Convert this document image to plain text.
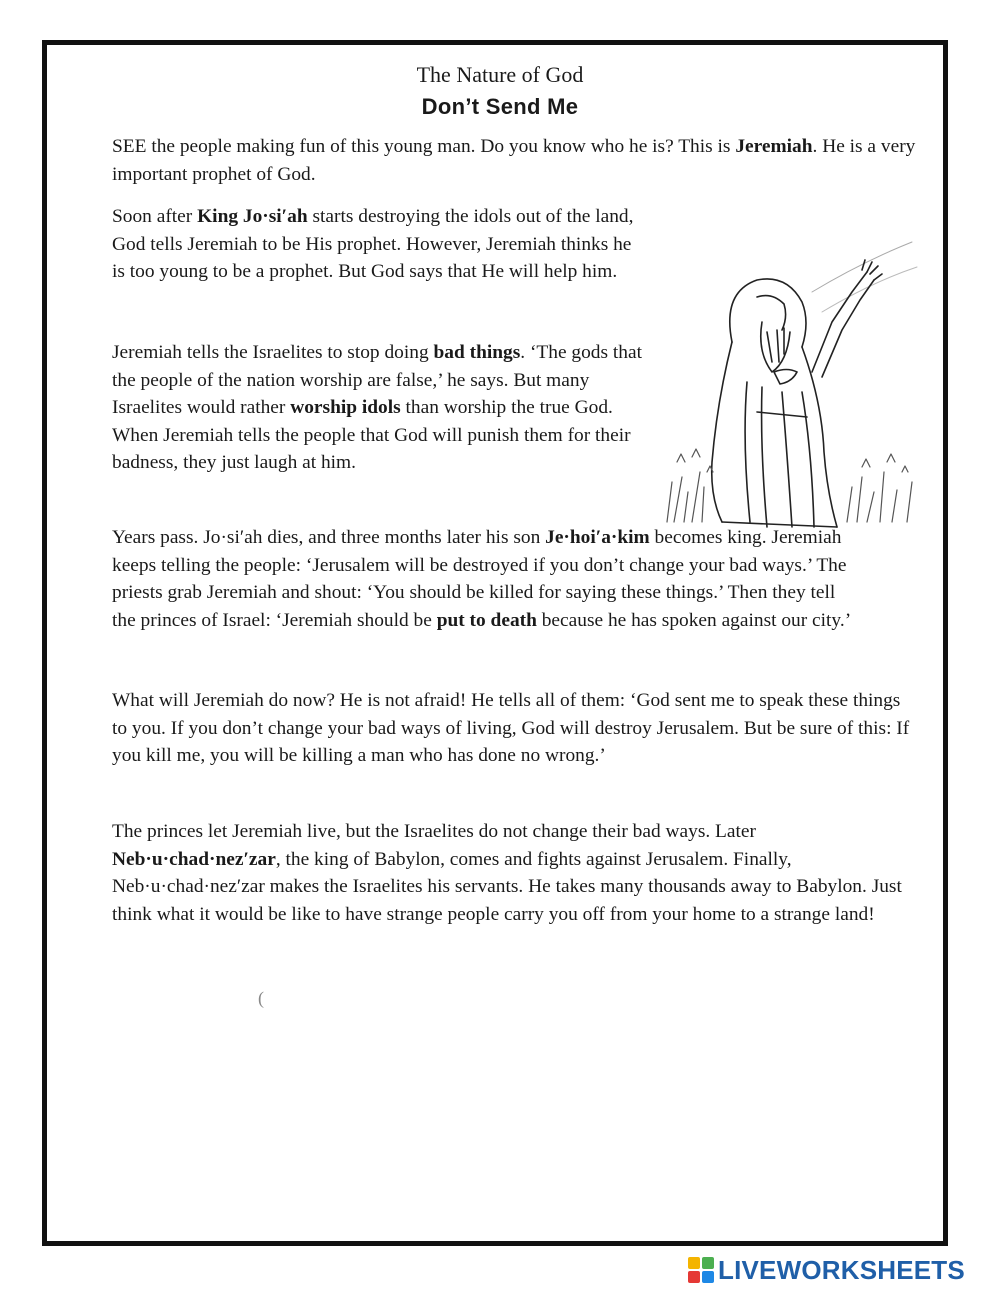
The Nature of God
Don’t Send Me

SEE the people making fun of this young man. Do you know who he is? This is Jeremiah. He is a very important prophet of God.

Soon after King Jo·si′ah starts destroying the idols out of the land, God tells Jeremiah to be His prophet. However, Jeremiah thinks he is too young to be a prophet. But God says that He will help him.

Jeremiah tells the Israelites to stop doing bad things. ‘The gods that the people of the nation worship are false,’ he says. But many Israelites would rather worship idols than worship the true God. When Jeremiah tells the people that God will punish them for their badness, they just laugh at him.

Years pass. Jo·si′ah dies, and three months later his son Je·hoi′a·kim becomes king. Jeremiah keeps telling the people: ‘Jerusalem will be destroyed if you don’t change your bad ways.’ The priests grab Jeremiah and shout: ‘You should be killed for saying these things.’ Then they tell the princes of Israel: ‘Jeremiah should be put to death because he has spoken against our city.’

What will Jeremiah do now? He is not afraid! He tells all of them: ‘God sent me to speak these things to you. If you don’t change your bad ways of living, God will destroy Jerusalem. But be sure of this: If you kill me, you will be killing a man who has done no wrong.’

The princes let Jeremiah live, but the Israelites do not change their bad ways. Later Neb·u·chad·nez′zar, the king of Babylon, comes and fights against Jerusalem. Finally, Neb·u·chad·nez′zar makes the Israelites his servants. He takes many thousands away to Babylon. Just think what it would be like to have strange people carry you off from your home to a strange land!

(
LIVEWORKSHEETS
